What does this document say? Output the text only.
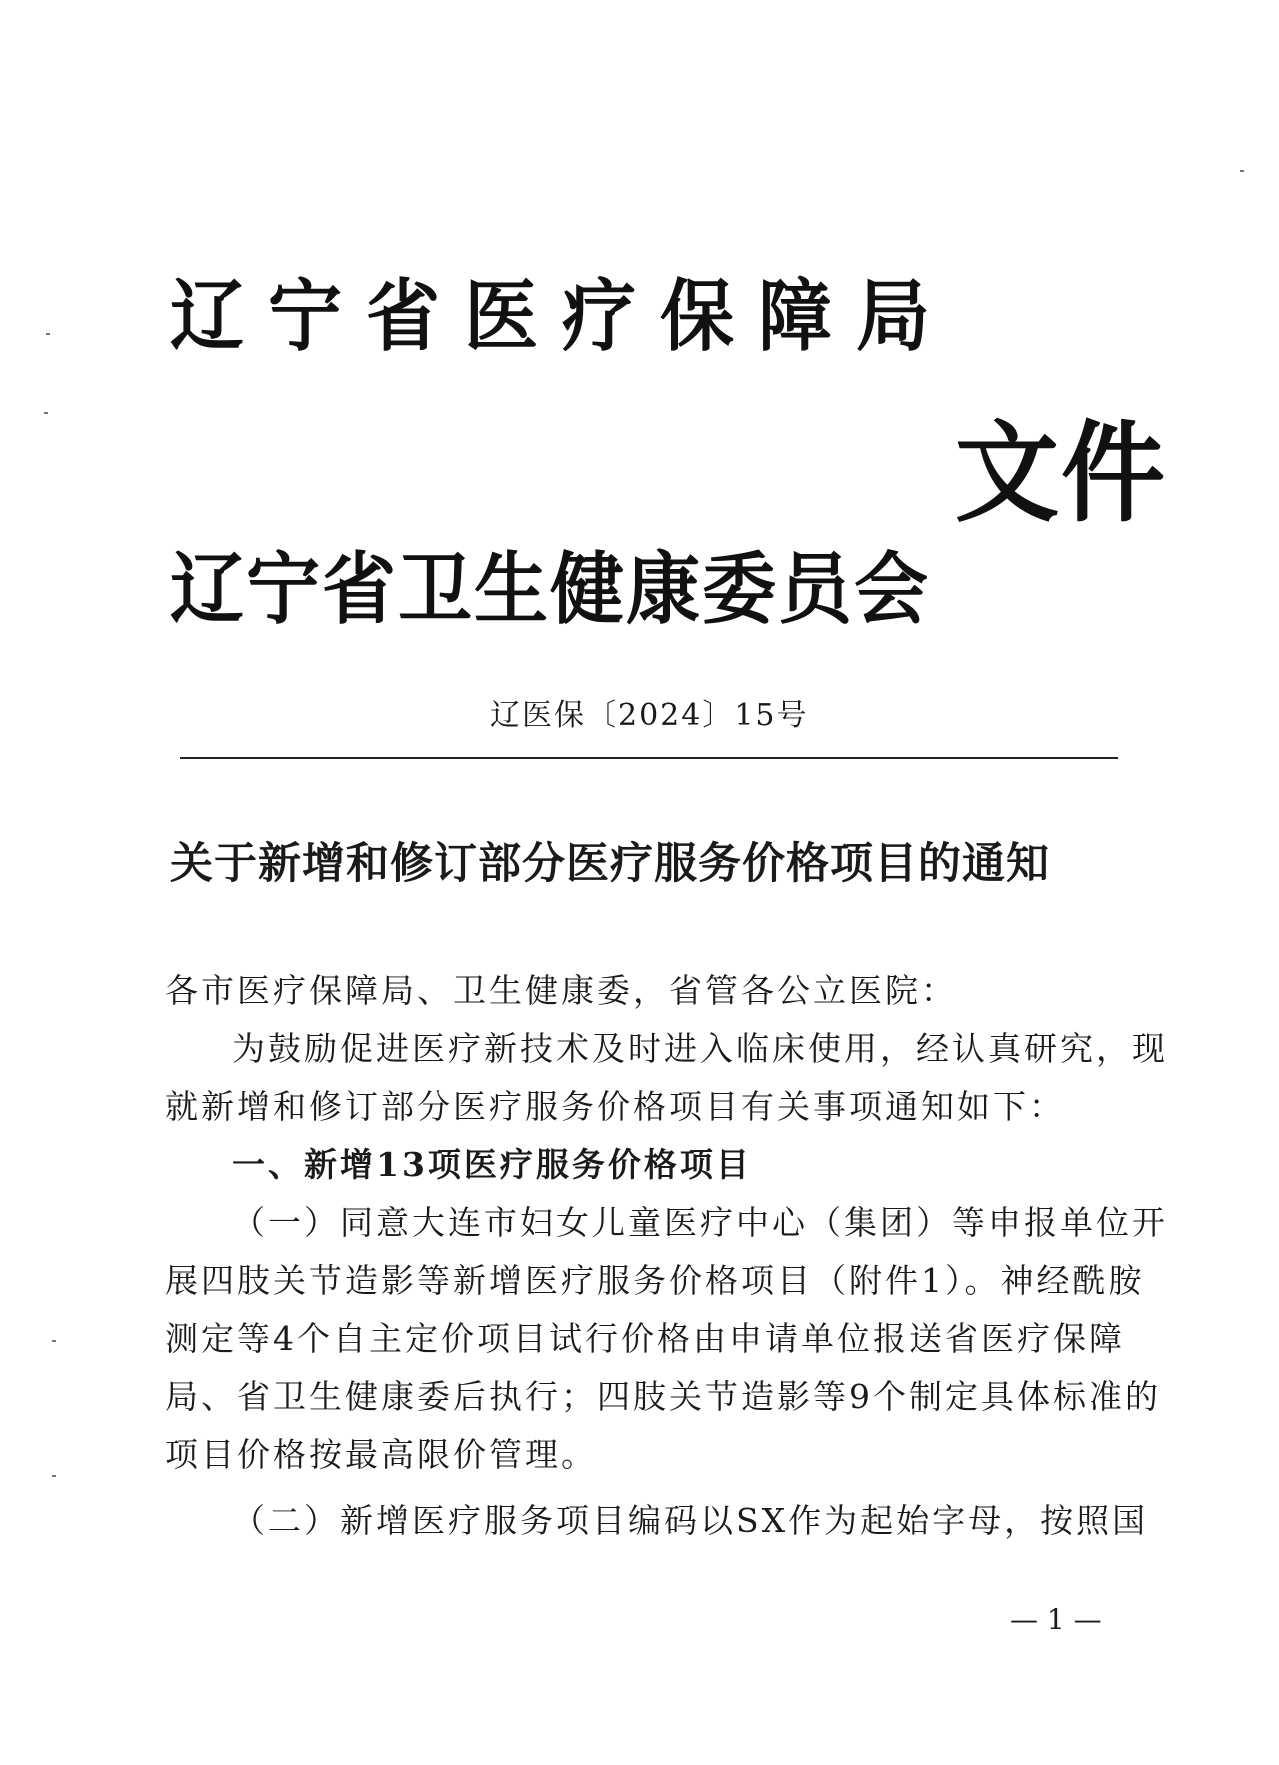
辽宁省医疗保障局
文件
辽宁省卫生健康委员会
辽医保〔2024〕15号
关于新增和修订部分医疗服务价格项目的通知
各市医疗保障局、卫生健康委，省管各公立医院：
为鼓励促进医疗新技术及时进入临床使用，经认真研究，现
就新增和修订部分医疗服务价格项目有关事项通知如下：
一、新增13项医疗服务价格项目
（一）同意大连市妇女儿童医疗中心（集团）等申报单位开
展四肢关节造影等新增医疗服务价格项目（附件1）。神经酰胺
测定等4个自主定价项目试行价格由申请单位报送省医疗保障
局、省卫生健康委后执行；四肢关节造影等9个制定具体标准的
项目价格按最高限价管理。
（二）新增医疗服务项目编码以SX作为起始字母，按照国
— 1 —
